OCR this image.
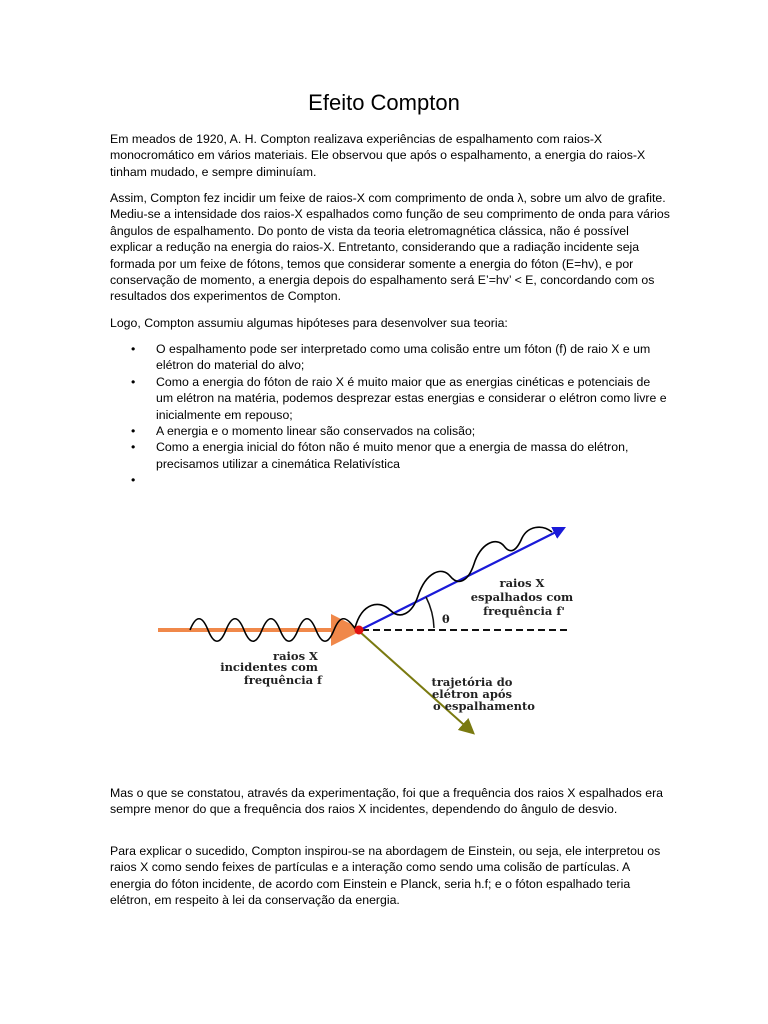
Efeito Compton

Em meados de 1920, A. H. Compton realizava experiências de espalhamento com raios-X monocromático em vários materiais. Ele observou que após o espalhamento, a energia do raios-X tinham mudado, e sempre diminuíam.

Assim, Compton fez incidir um feixe de raios-X com comprimento de onda λ, sobre um alvo de grafite. Mediu-se a intensidade dos raios-X espalhados como função de seu comprimento de onda para vários ângulos de espalhamento. Do ponto de vista da teoria eletromagnética clássica, não é possível explicar a redução na energia do raios-X. Entretanto, considerando que a radiação incidente seja formada por um feixe de fótons, temos que considerar somente a energia do fóton (E=hv), e por conservação de momento, a energia depois do espalhamento será E’=hv’ < E, concordando com os resultados dos experimentos de Compton.

Logo, Compton assumiu algumas hipóteses para desenvolver sua teoria:

• O espalhamento pode ser interpretado como uma colisão entre um fóton (f) de raio X e um elétron do material do alvo;
• Como a energia do fóton de raio X é muito maior que as energias cinéticas e potenciais de um elétron na matéria, podemos desprezar estas energias e considerar o elétron como livre e inicialmente em repouso;
• A energia e o momento linear são conservados na colisão;
• Como a energia inicial do fóton não é muito menor que a energia de massa do elétron, precisamos utilizar a cinemática Relativística
•

raios X espalhados com frequência f'
θ
raios X incidentes com frequência f	trajetória do elétron após o espalhamento

Mas o que se constatou, através da experimentação, foi que a frequência dos raios X espalhados era sempre menor do que a frequência dos raios X incidentes, dependendo do ângulo de desvio.

Para explicar o sucedido, Compton inspirou-se na abordagem de Einstein, ou seja, ele interpretou os raios X como sendo feixes de partículas e a interação como sendo uma colisão de partículas. A energia do fóton incidente, de acordo com Einstein e Planck, seria h.f; e o fóton espalhado teria elétron, em respeito à lei da conservação da energia.
